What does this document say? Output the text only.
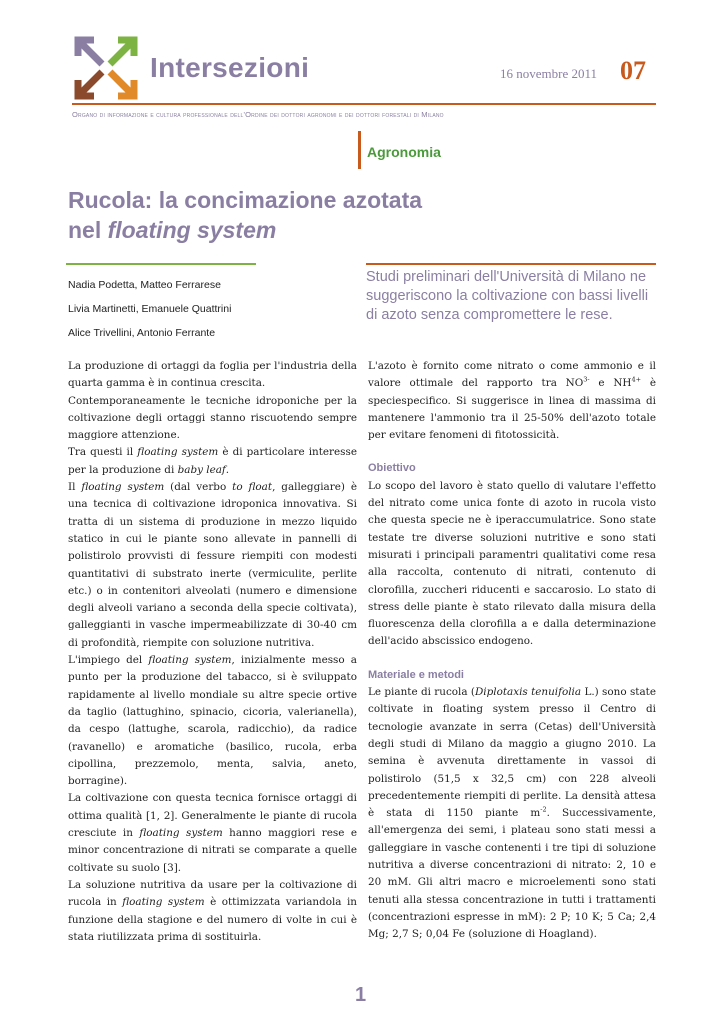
Intersezioni	16 novembre 2011 07
Organo di informazione e cultura professionale dell'Ordine dei dottori agronomi e dei dottori forestali di Milano
Agronomia
Rucola: la concimazione azotata
nel floating system
Nadia Podetta, Matteo Ferrarese
Livia Martinetti, Emanuele Quattrini
Alice Trivellini, Antonio Ferrante
Studi preliminari dell'Università di Milano ne suggeriscono la coltivazione con bassi livelli di azoto senza compromettere le rese.

La produzione di ortaggi da foglia per l'industria della quarta gamma è in continua crescita.

Contemporaneamente le tecniche idroponiche per la coltivazione degli ortaggi stanno riscuotendo sempre maggiore attenzione.

Tra questi il floating system è di particolare interesse per la produzione di baby leaf.

Il floating system (dal verbo to float, galleggiare) è una tecnica di coltivazione idroponica innovativa. Si tratta di un sistema di produzione in mezzo liquido statico in cui le piante sono allevate in pannelli di polistirolo provvisti di fessure riempiti con modesti quantitativi di substrato inerte (vermiculite, perlite etc.) o in contenitori alveolati (numero e dimensione degli alveoli variano a seconda della specie coltivata), galleggianti in vasche impermeabilizzate di 30-40 cm di profondità, riempite con soluzione nutritiva.

L'impiego del floating system, inizialmente messo a punto per la produzione del tabacco, si è sviluppato rapidamente al livello mondiale su altre specie ortive da taglio (lattughino, spinacio, cicoria, valerianella), da cespo (lattughe, scarola, radicchio), da radice (ravanello) e aromatiche (basilico, rucola, erba cipollina, prezzemolo, menta, salvia, aneto, borragine).

La coltivazione con questa tecnica fornisce ortaggi di ottima qualità [1, 2]. Generalmente le piante di rucola cresciute in floating system hanno maggiori rese e minor concentrazione di nitrati se comparate a quelle coltivate su suolo [3].

La soluzione nutritiva da usare per la coltivazione di rucola in floating system è ottimizzata variandola in funzione della stagione e del numero di volte in cui è stata riutilizzata prima di sostituirla.

L'azoto è fornito come nitrato o come ammonio e il valore ottimale del rapporto tra $NO^{3-}$ e $NH^{4+}$ è speciespecifico. Si suggerisce in linea di massima di mantenere l'ammonio tra il 25-50% dell'azoto totale per evitare fenomeni di fitotossicità.

Obiettivo

Lo scopo del lavoro è stato quello di valutare l'effetto del nitrato come unica fonte di azoto in rucola visto che questa specie ne è iperaccumulatrice. Sono state testate tre diverse soluzioni nutritive e sono stati misurati i principali paramentri qualitativi come resa alla raccolta, contenuto di nitrati, contenuto di clorofilla, zuccheri riducenti e saccarosio. Lo stato di stress delle piante è stato rilevato dalla misura della fluorescenza della clorofilla a e dalla determinazione dell'acido abscissico endogeno.

Materiale e metodi

Le piante di rucola (Diplotaxis tenuifolia L.) sono state coltivate in floating system presso il Centro di tecnologie avanzate in serra (Cetas) dell'Università degli studi di Milano da maggio a giugno 2010. La semina è avvenuta direttamente in vassoi di polistirolo (51,5 x 32,5 cm) con 228 alveoli precedentemente riempiti di perlite. La densità attesa è stata di 1150 piante $m^{-2}$. Successivamente, all'emergenza dei semi, i plateau sono stati messi a galleggiare in vasche contenenti i tre tipi di soluzione nutritiva a diverse concentrazioni di nitrato: 2, 10 e 20 mM. Gli altri macro e microelementi sono stati tenuti alla stessa concentrazione in tutti i trattamenti (concentrazioni espresse in mM): 2 P; 10 K; 5 Ca; 2,4 Mg; 2,7 S; 0,04 Fe (soluzione di Hoagland).

1
